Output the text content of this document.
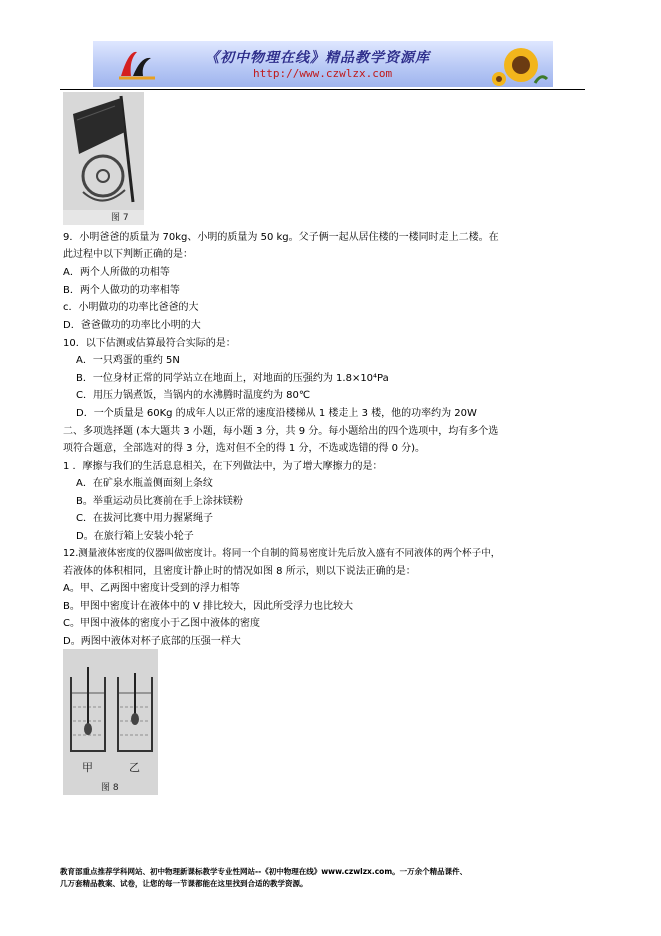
《初中物理在线》精品教学资源库
http://www.czwlzx.com
图 7
9．小明爸爸的质量为 70kg、小明的质量为 50 kg。父子俩一起从居住楼的一楼同时走上二楼。在
此过程中以下判断正确的是：
A．两个人所做的功相等
B．两个人做功的功率相等
c．小明做功的功率比爸爸的大
D．爸爸做功的功率比小明的大
10．以下估测或估算最符合实际的是：
A．一只鸡蛋的重约 5N
B．一位身材正常的同学站立在地面上，对地面的压强约为 1.8×10⁴Pa
C．用压力锅煮饭，当锅内的水沸腾时温度约为 80℃
D．一个质量是 60Kg 的成年人以正常的速度沿楼梯从 1 楼走上 3 楼，他的功率约为 20W
二、多项选择题 (本大题共 3 小题，每小题 3 分，共 9 分。每小题给出的四个选项中，均有多个选
项符合题意，全部选对的得 3 分，选对但不全的得 1 分，不选或选错的得 0 分)。
1 ．摩擦与我们的生活息息相关，在下列做法中，为了增大摩擦力的是：
A．在矿泉水瓶盖侧面刻上条纹
B。举重运动员比赛前在手上涂抹镁粉
C．在拔河比赛中用力握紧绳子
D。在旅行箱上安装小轮子
12.测量液体密度的仪器叫做密度计。将同一个自制的简易密度计先后放入盛有不同液体的两个杯子中，
若液体的体积相同，且密度计静止时的情况如图 8 所示，则以下说法正确的是：
A。甲、乙两图中密度计受到的浮力相等
B。甲图中密度计在液体中的 V 排比较大，因此所受浮力也比较大
C。甲图中液体的密度小于乙图中液体的密度
D。两图中液体对杯子底部的压强一样大
甲	乙
图 8
教育部重点推荐学科网站、初中物理新课标教学专业性网站--《初中物理在线》www.czwlzx.com。一万余个精品课件、
几万套精品教案、试卷，让您的每一节课都能在这里找到合适的教学资源。
